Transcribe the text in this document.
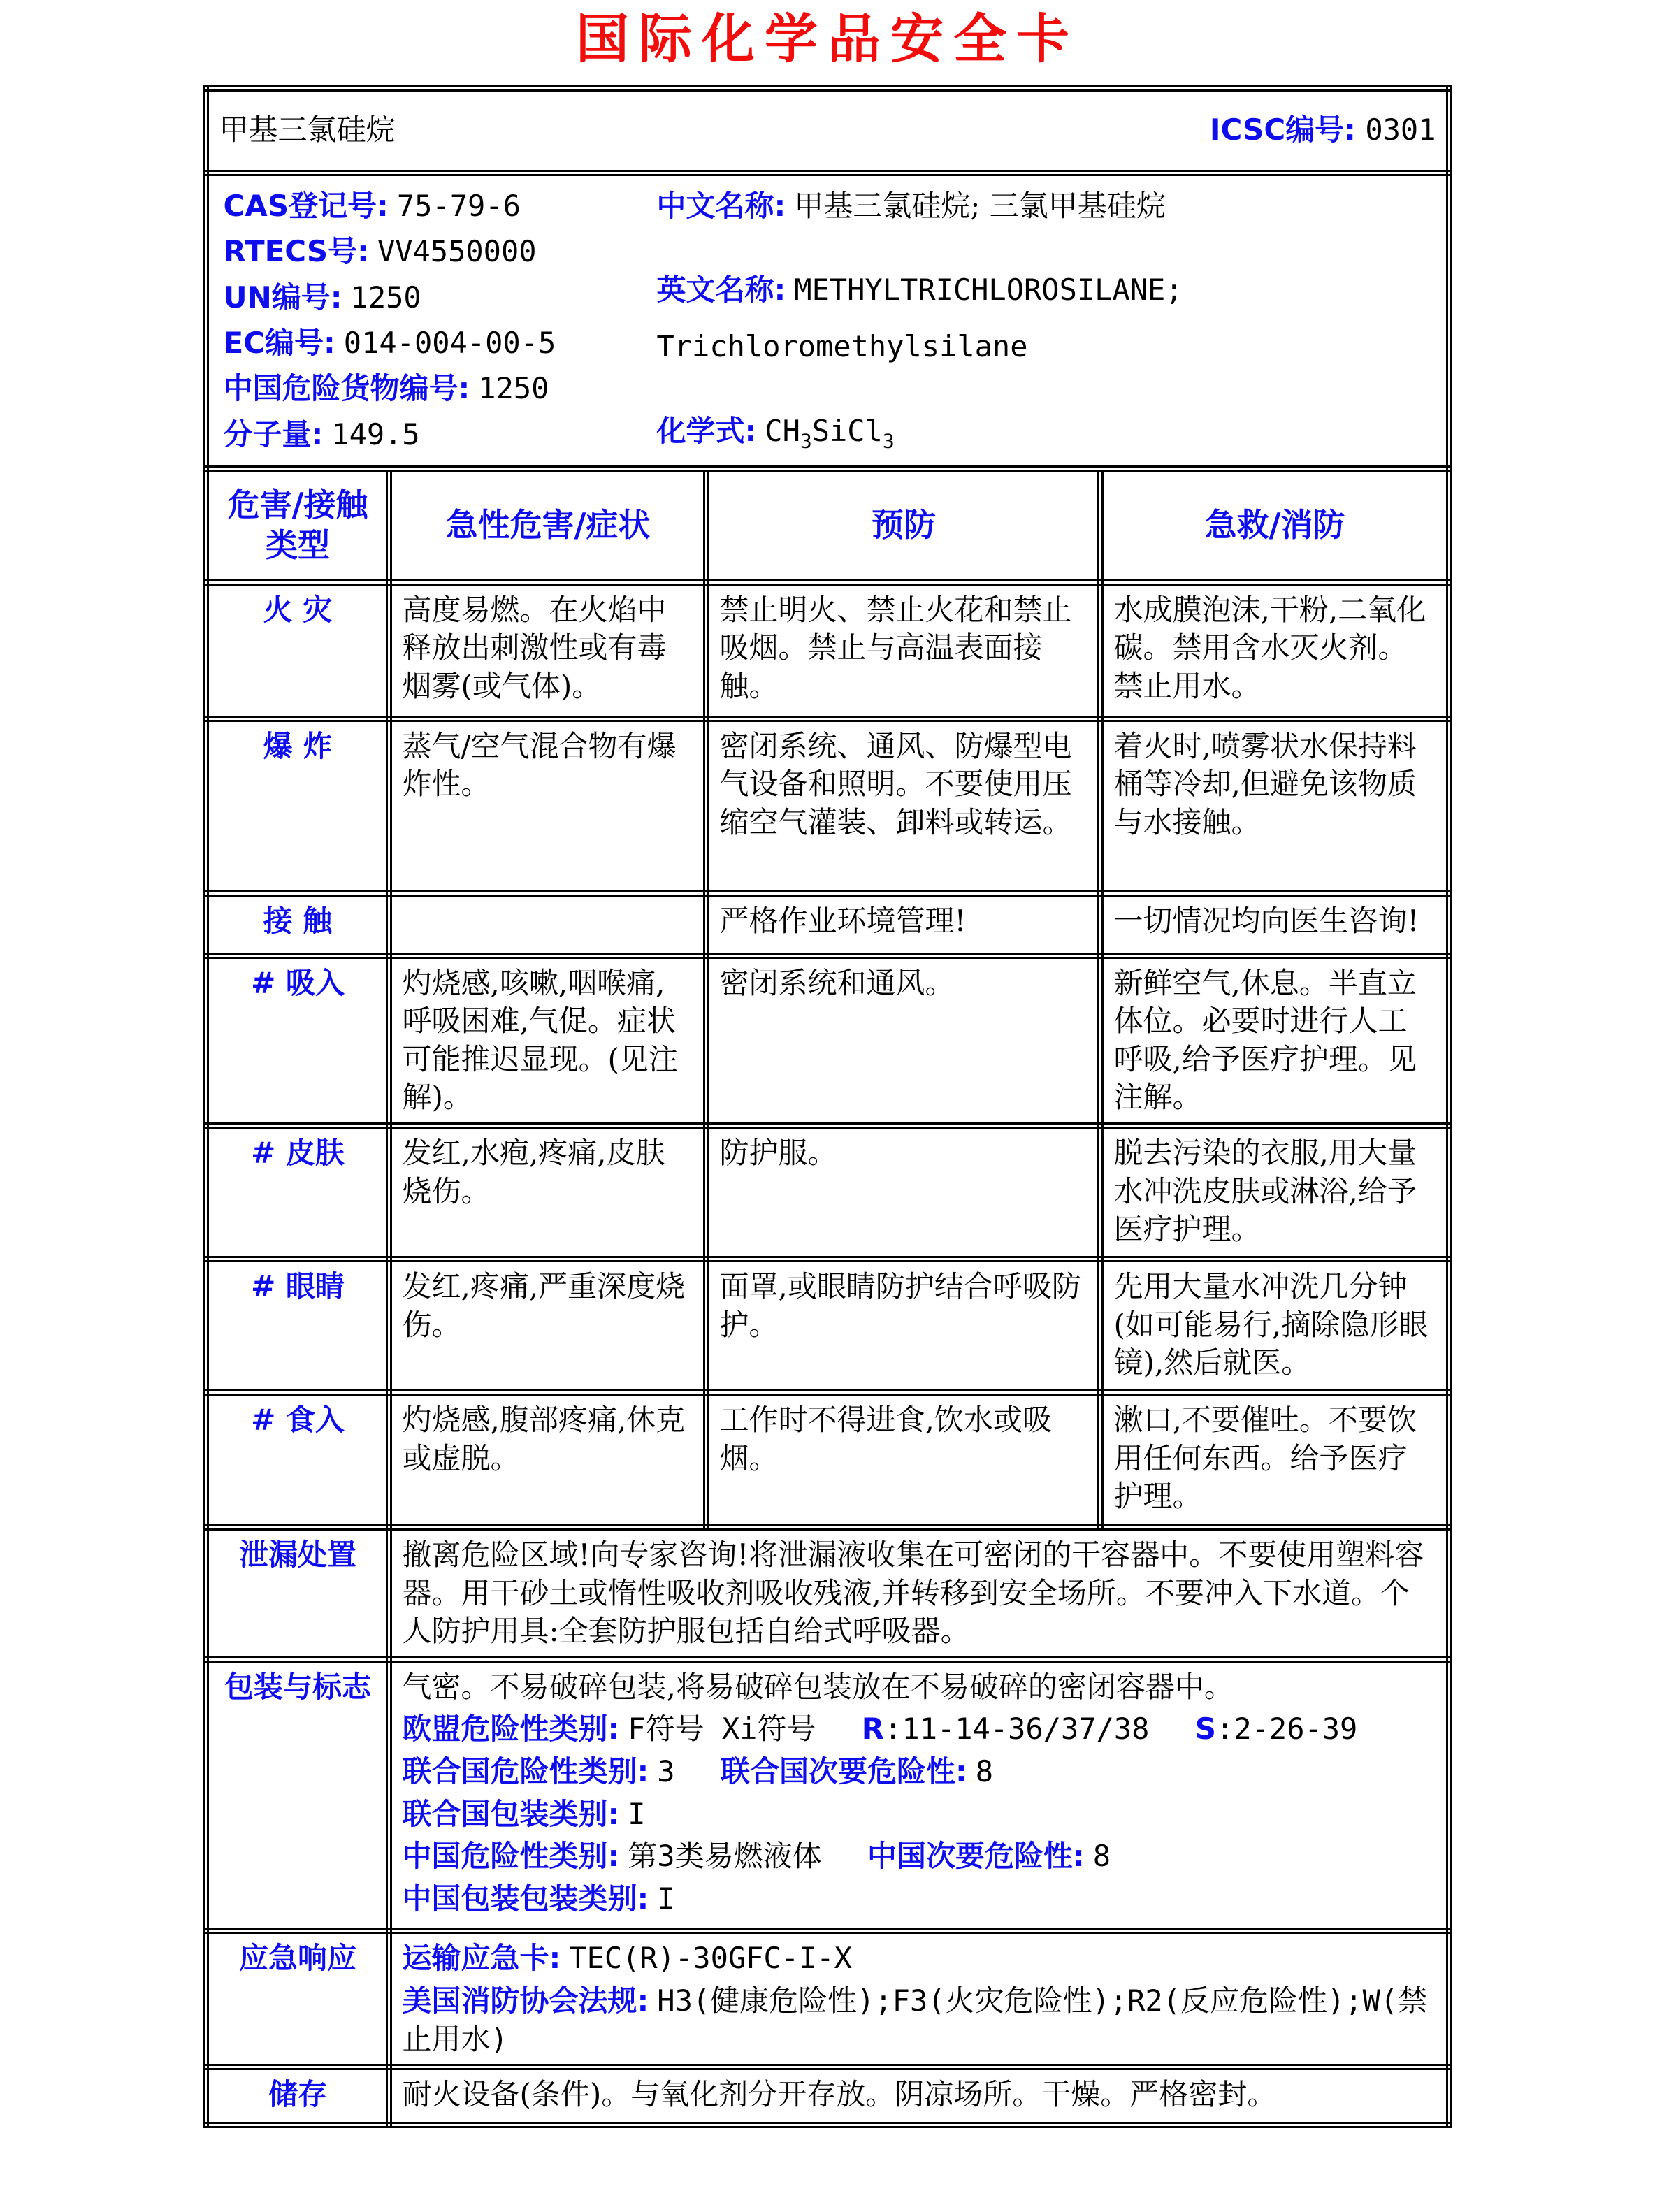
国际化学品安全卡
甲基三氯硅烷 ICSC编号: 0301			

CAS登记号: 75-79-6
RTECS号: VV4550000
UN编号: 1250
EC编号: 014-004-00-5
中国危险货物编号: 1250
分子量: 149.5
中文名称: 甲基三氯硅烷; 三氯甲基硅烷
英文名称: METHYLTRICHLOROSILANE;
Trichloromethylsilane
化学式: $CH_3SiCl_3$

危害/接触类型	急性危害/症状	预防	急救/消防
火 灾	高度易燃。在火焰中释放出刺激性或有毒烟雾(或气体)。	禁止明火、禁止火花和禁止吸烟。禁止与高温表面接触。	水成膜泡沫,干粉,二氧化碳。禁用含水灭火剂。禁止用水。
爆 炸	蒸气/空气混合物有爆炸性。	密闭系统、通风、防爆型电气设备和照明。不要使用压缩空气灌装、卸料或转运。	着火时,喷雾状水保持料桶等冷却,但避免该物质与水接触。
接 触		严格作业环境管理!	一切情况均向医生咨询!
# 吸入	灼烧感,咳嗽,咽喉痛,呼吸困难,气促。症状可能推迟显现。(见注解)。	密闭系统和通风。	新鲜空气,休息。半直立体位。必要时进行人工呼吸,给予医疗护理。见注解。
# 皮肤	发红,水疱,疼痛,皮肤烧伤。	防护服。	脱去污染的衣服,用大量水冲洗皮肤或淋浴,给予医疗护理。
# 眼睛	发红,疼痛,严重深度烧伤。	面罩,或眼睛防护结合呼吸防护。	先用大量水冲洗几分钟(如可能易行,摘除隐形眼镜),然后就医。
# 食入	灼烧感,腹部疼痛,休克或虚脱。	工作时不得进食,饮水或吸烟。	漱口,不要催吐。不要饮用任何东西。给予医疗护理。
泄漏处置	撤离危险区域!向专家咨询!将泄漏液收集在可密闭的干容器中。不要使用塑料容器。用干砂土或惰性吸收剂吸收残液,并转移到安全场所。不要冲入下水道。个人防护用具:全套防护服包括自给式呼吸器。		
包装与标志	气密。不易破碎包装,将易破碎包装放在不易破碎的密闭容器中。
欧盟危险性类别: F符号 Xi符号 R:11-14-36/37/38 S:2-26-39
联合国危险性类别: 3 联合国次要危险性: 8
联合国包装类别: I
中国危险性类别: 第3类易燃液体 中国次要危险性: 8
中国包装包装类别: I

应急响应	运输应急卡: TEC(R)-30GFC-I-X
美国消防协会法规: H3(健康危险性);F3(火灾危险性);R2(反应危险性);W(禁止用水)		

储存	耐火设备(条件)。与氧化剂分开存放。阴凉场所。干燥。严格密封。		
